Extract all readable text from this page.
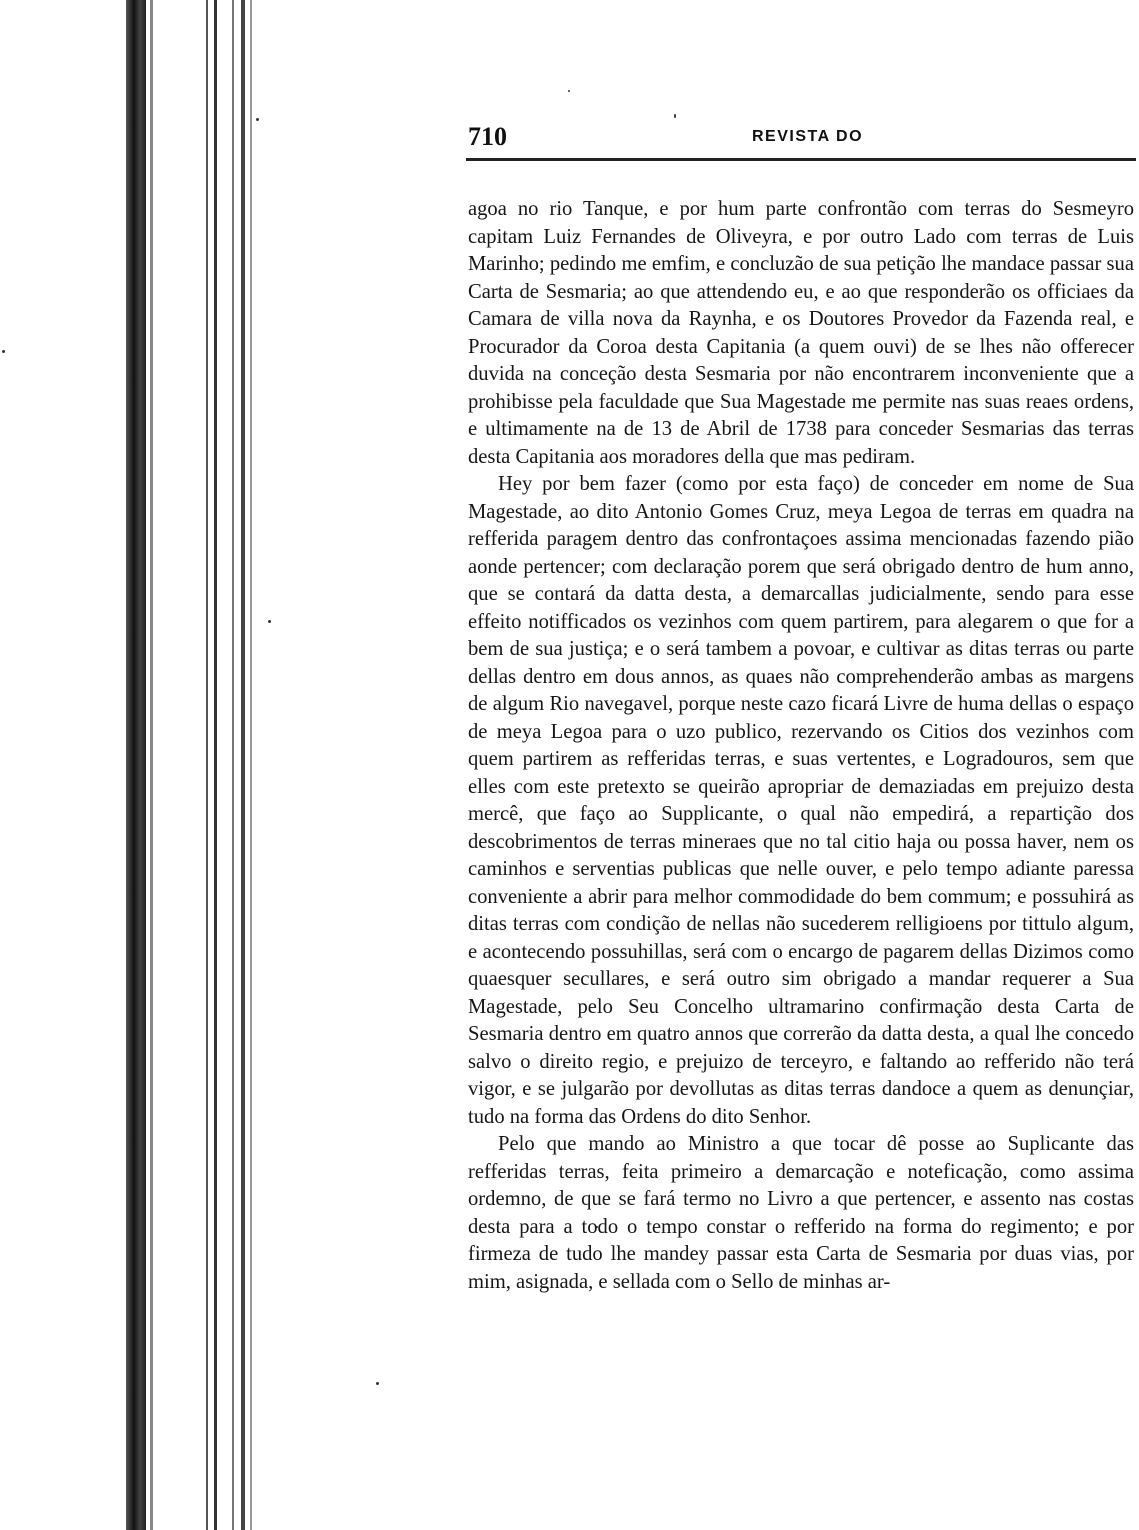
710	REVISTA DO

agoa no rio Tanque, e por hum parte confrontão com terras do Sesmeyro capitam Luiz Fernandes de Oliveyra, e por outro Lado com terras de Luis Marinho; pedindo me emfim, e concluzão de sua petição lhe mandace passar sua Carta de Sesmaria; ao que attendendo eu, e ao que responderão os officiaes da Camara de villa nova da Raynha, e os Doutores Provedor da Fazenda real, e Procurador da Coroa desta Capitania (a quem ouvi) de se lhes não offerecer duvida na conceção desta Sesmaria por não encontrarem inconveniente que a prohibisse pela faculdade que Sua Magestade me permite nas suas reaes ordens, e ultimamente na de 13 de Abril de 1738 para conceder Sesmarias das terras desta Capitania aos moradores della que mas pediram.

Hey por bem fazer (como por esta faço) de conceder em nome de Sua Magestade, ao dito Antonio Gomes Cruz, meya Legoa de terras em quadra na refferida paragem dentro das confrontaçoes assima mencionadas fazendo pião aonde pertencer; com declaração porem que será obrigado dentro de hum anno, que se contará da datta desta, a demarcallas judicialmente, sendo para esse effeito notifficados os vezinhos com quem partirem, para alegarem o que for a bem de sua justiça; e o será tambem a povoar, e cultivar as ditas terras ou parte dellas dentro em dous annos, as quaes não comprehenderão ambas as margens de algum Rio navegavel, porque neste cazo ficará Livre de huma dellas o espaço de meya Legoa para o uzo publico, rezervando os Citios dos vezinhos com quem partirem as refferidas terras, e suas vertentes, e Logradouros, sem que elles com este pretexto se queirão apropriar de demaziadas em prejuizo desta mercê, que faço ao Supplicante, o qual não empedirá, a repartição dos descobrimentos de terras mineraes que no tal citio haja ou possa haver, nem os caminhos e serventias publicas que nelle ouver, e pelo tempo adiante paressa conveniente a abrir para melhor commodidade do bem commum; e possuhirá as ditas terras com condição de nellas não sucederem relligioens por tittulo algum, e acontecendo possuhillas, será com o encargo de pagarem dellas Dizimos como quaesquer secullares, e será outro sim obrigado a mandar requerer a Sua Magestade, pelo Seu Concelho ultramarino confirmação desta Carta de Sesmaria dentro em quatro annos que correrão da datta desta, a qual lhe concedo salvo o direito regio, e prejuizo de terceyro, e faltando ao refferido não terá vigor, e se julgarão por devollutas as ditas terras dandoce a quem as denunçiar, tudo na forma das Ordens do dito Senhor.

Pelo que mando ao Ministro a que tocar dê posse ao Suplicante das refferidas terras, feita primeiro a demarcação e noteficação, como assima ordemno, de que se fará termo no Livro a que pertencer, e assento nas costas desta para a todo o tempo constar o refferido na forma do regimento; e por firmeza de tudo lhe mandey passar esta Carta de Sesmaria por duas vias, por mim, asignada, e sellada com o Sello de minhas ar-
